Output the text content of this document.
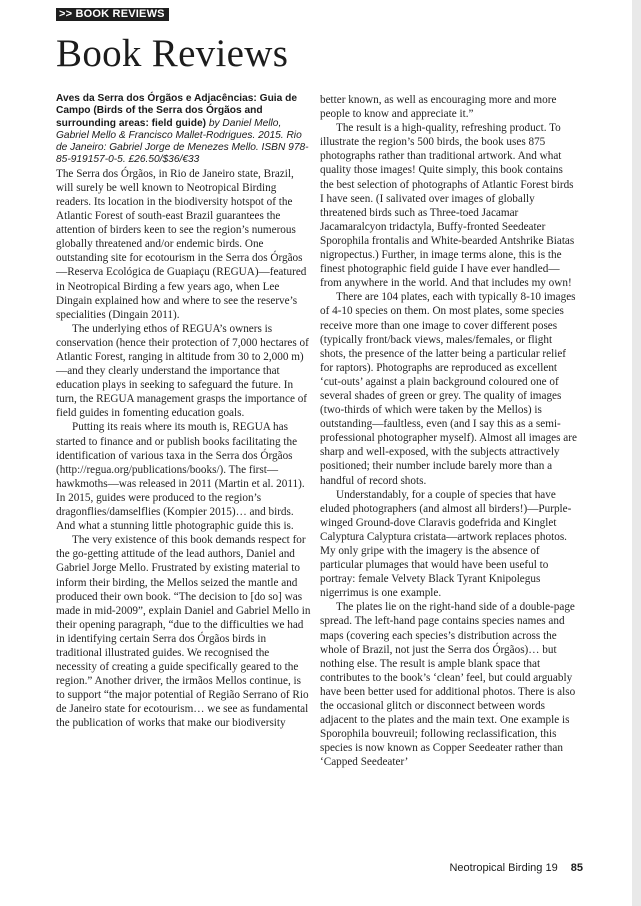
>> BOOK REVIEWS
Book Reviews

Aves da Serra dos Órgãos e Adjacências: Guia de Campo (Birds of the Serra dos Órgãos and surrounding areas: field guide) by Daniel Mello, Gabriel Mello & Francisco Mallet-Rodrigues. 2015. Rio de Janeiro: Gabriel Jorge de Menezes Mello. ISBN 978-85-919157-0-5. £26.50/$36/€33

The Serra dos Órgãos, in Rio de Janeiro state, Brazil, will surely be well known to Neotropical Birding readers. Its location in the biodiversity hotspot of the Atlantic Forest of south-east Brazil guarantees the attention of birders keen to see the region’s numerous globally threatened and/or endemic birds. One outstanding site for ecotourism in the Serra dos Órgãos—Reserva Ecológica de Guapiaçu (REGUA)—featured in Neotropical Birding a few years ago, when Lee Dingain explained how and where to see the reserve’s specialities (Dingain 2011).

The underlying ethos of REGUA’s owners is conservation (hence their protection of 7,000 hectares of Atlantic Forest, ranging in altitude from 30 to 2,000 m)—and they clearly understand the importance that education plays in seeking to safeguard the future. In turn, the REGUA management grasps the importance of field guides in fomenting education goals.

Putting its reais where its mouth is, REGUA has started to finance and or publish books facilitating the identification of various taxa in the Serra dos Órgãos (http://regua.org/publications/books/). The first—hawkmoths—was released in 2011 (Martin et al. 2011). In 2015, guides were produced to the region’s dragonflies/damselflies (Kompier 2015)… and birds. And what a stunning little photographic guide this is.

The very existence of this book demands respect for the go-getting attitude of the lead authors, Daniel and Gabriel Jorge Mello. Frustrated by existing material to inform their birding, the Mellos seized the mantle and produced their own book. “The decision to [do so] was made in mid-2009”, explain Daniel and Gabriel Mello in their opening paragraph, “due to the difficulties we had in identifying certain Serra dos Órgãos birds in traditional illustrated guides. We recognised the necessity of creating a guide specifically geared to the region.” Another driver, the irmãos Mellos continue, is to support “the major potential of Região Serrano of Rio de Janeiro state for ecotourism… we see as fundamental the publication of works that make our biodiversity

better known, as well as encouraging more and more people to know and appreciate it.”

The result is a high-quality, refreshing product. To illustrate the region’s 500 birds, the book uses 875 photographs rather than traditional artwork. And what quality those images! Quite simply, this book contains the best selection of photographs of Atlantic Forest birds I have seen. (I salivated over images of globally threatened birds such as Three-toed Jacamar Jacamaralcyon tridactyla, Buffy-fronted Seedeater Sporophila frontalis and White-bearded Antshrike Biatas nigropectus.) Further, in image terms alone, this is the finest photographic field guide I have ever handled—from anywhere in the world. And that includes my own!

There are 104 plates, each with typically 8-10 images of 4-10 species on them. On most plates, some species receive more than one image to cover different poses (typically front/back views, males/females, or flight shots, the presence of the latter being a particular relief for raptors). Photographs are reproduced as excellent ‘cut-outs’ against a plain background coloured one of several shades of green or grey. The quality of images (two-thirds of which were taken by the Mellos) is outstanding—faultless, even (and I say this as a semi-professional photographer myself). Almost all images are sharp and well-exposed, with the subjects attractively positioned; their number include barely more than a handful of record shots.

Understandably, for a couple of species that have eluded photographers (and almost all birders!)—Purple-winged Ground-dove Claravis godefrida and Kinglet Calyptura Calyptura cristata—artwork replaces photos. My only gripe with the imagery is the absence of particular plumages that would have been useful to portray: female Velvety Black Tyrant Knipolegus nigerrimus is one example.

The plates lie on the right-hand side of a double-page spread. The left-hand page contains species names and maps (covering each species’s distribution across the whole of Brazil, not just the Serra dos Órgãos)… but nothing else. The result is ample blank space that contributes to the book’s ‘clean’ feel, but could arguably have been better used for additional photos. There is also the occasional glitch or disconnect between words adjacent to the plates and the main text. One example is Sporophila bouvreuil; following reclassification, this species is now known as Copper Seedeater rather than ‘Capped Seedeater’

Neotropical Birding 19 85
